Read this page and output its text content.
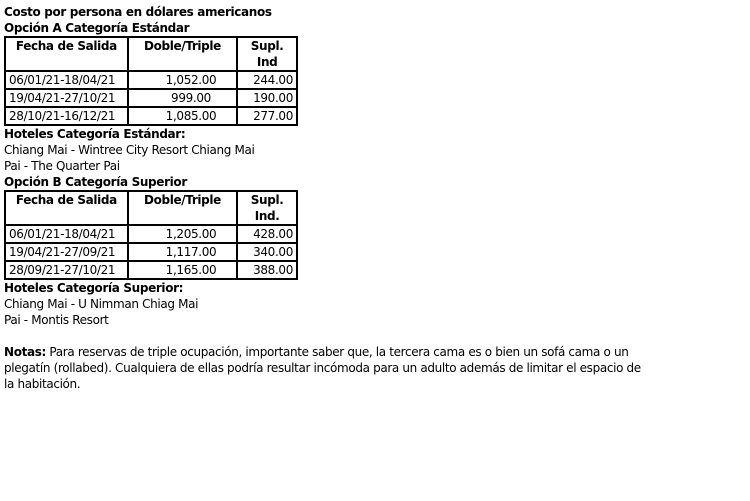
Costo por persona en dólares americanos
Opción A Categoría Estándar
Fecha de Salida	Doble/Triple	Supl. Ind
06/01/21-18/04/21	1,052.00	244.00
19/04/21-27/10/21	999.00	190.00
28/10/21-16/12/21	1,085.00	277.00
Hoteles Categoría Estándar:
Chiang Mai - Wintree City Resort Chiang Mai
Pai - The Quarter Pai
Opción B Categoría Superior
Fecha de Salida	Doble/Triple	Supl. Ind.
06/01/21-18/04/21	1,205.00	428.00
19/04/21-27/09/21	1,117.00	340.00
28/09/21-27/10/21	1,165.00	388.00
Hoteles Categoría Superior:
Chiang Mai - U Nimman Chiag Mai
Pai - Montis Resort
Notas: Para reservas de triple ocupación, importante saber que, la tercera cama es o bien un sofá cama o un plegatín (rollabed). Cualquiera de ellas podría resultar incómoda para un adulto además de limitar el espacio de la habitación.
